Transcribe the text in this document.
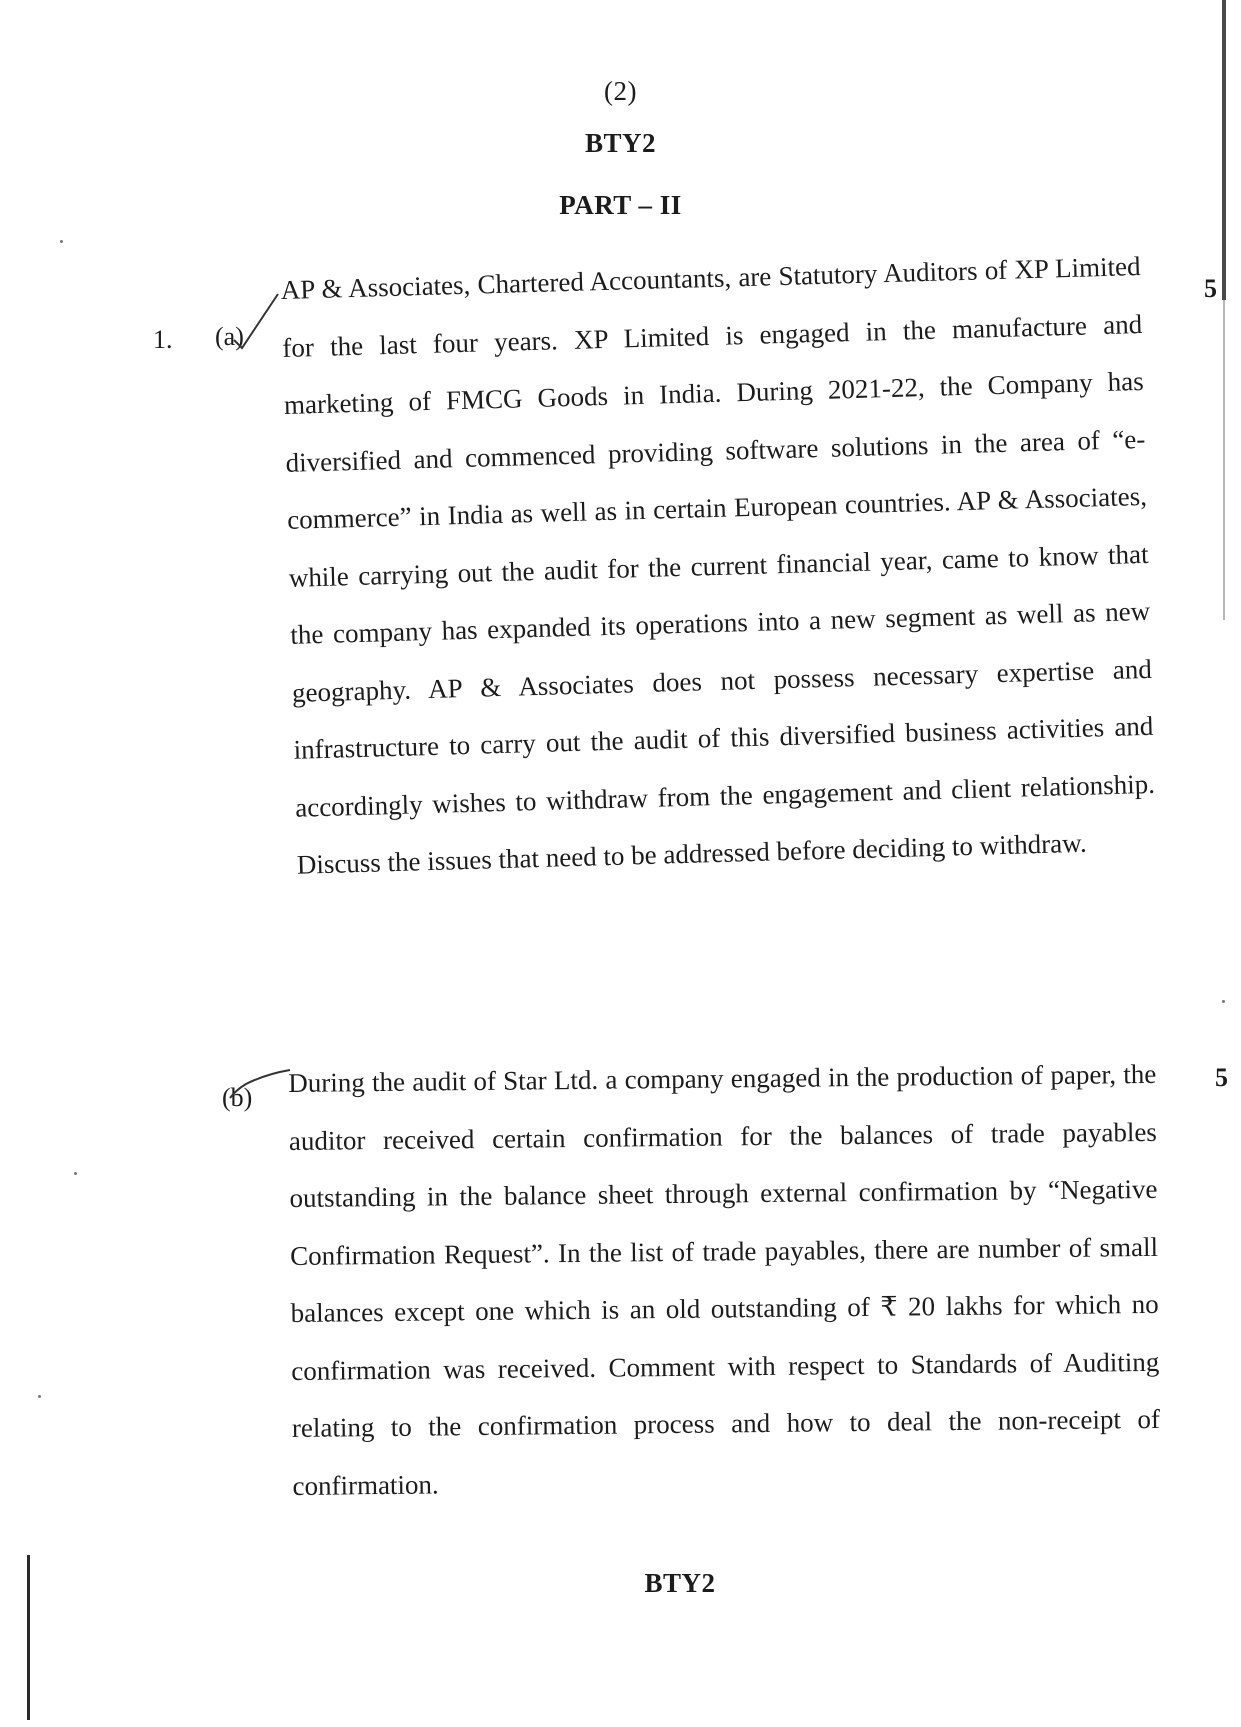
(2)
BTY2
PART – II
1. (a)
5

AP & Associates, Chartered Accountants, are Statutory Auditors of XP Limited for the last four years. XP Limited is engaged in the manufacture and marketing of FMCG Goods in India. During 2021-22, the Company has diversified and commenced providing software solutions in the area of “e-commerce” in India as well as in certain European countries. AP & Associates, while carrying out the audit for the current financial year, came to know that the company has expanded its operations into a new segment as well as new geography. AP & Associates does not possess necessary expertise and infrastructure to carry out the audit of this diversified business activities and accordingly wishes to withdraw from the engagement and client relationship. Discuss the issues that need to be addressed before deciding to withdraw.

(b)
5

During the audit of Star Ltd. a company engaged in the production of paper, the auditor received certain confirmation for the balances of trade payables outstanding in the balance sheet through external confirmation by “Negative Confirmation Request”. In the list of trade payables, there are number of small balances except one which is an old outstanding of ₹ 20 lakhs for which no confirmation was received. Comment with respect to Standards of Auditing relating to the confirmation process and how to deal the non-receipt of confirmation.

BTY2
